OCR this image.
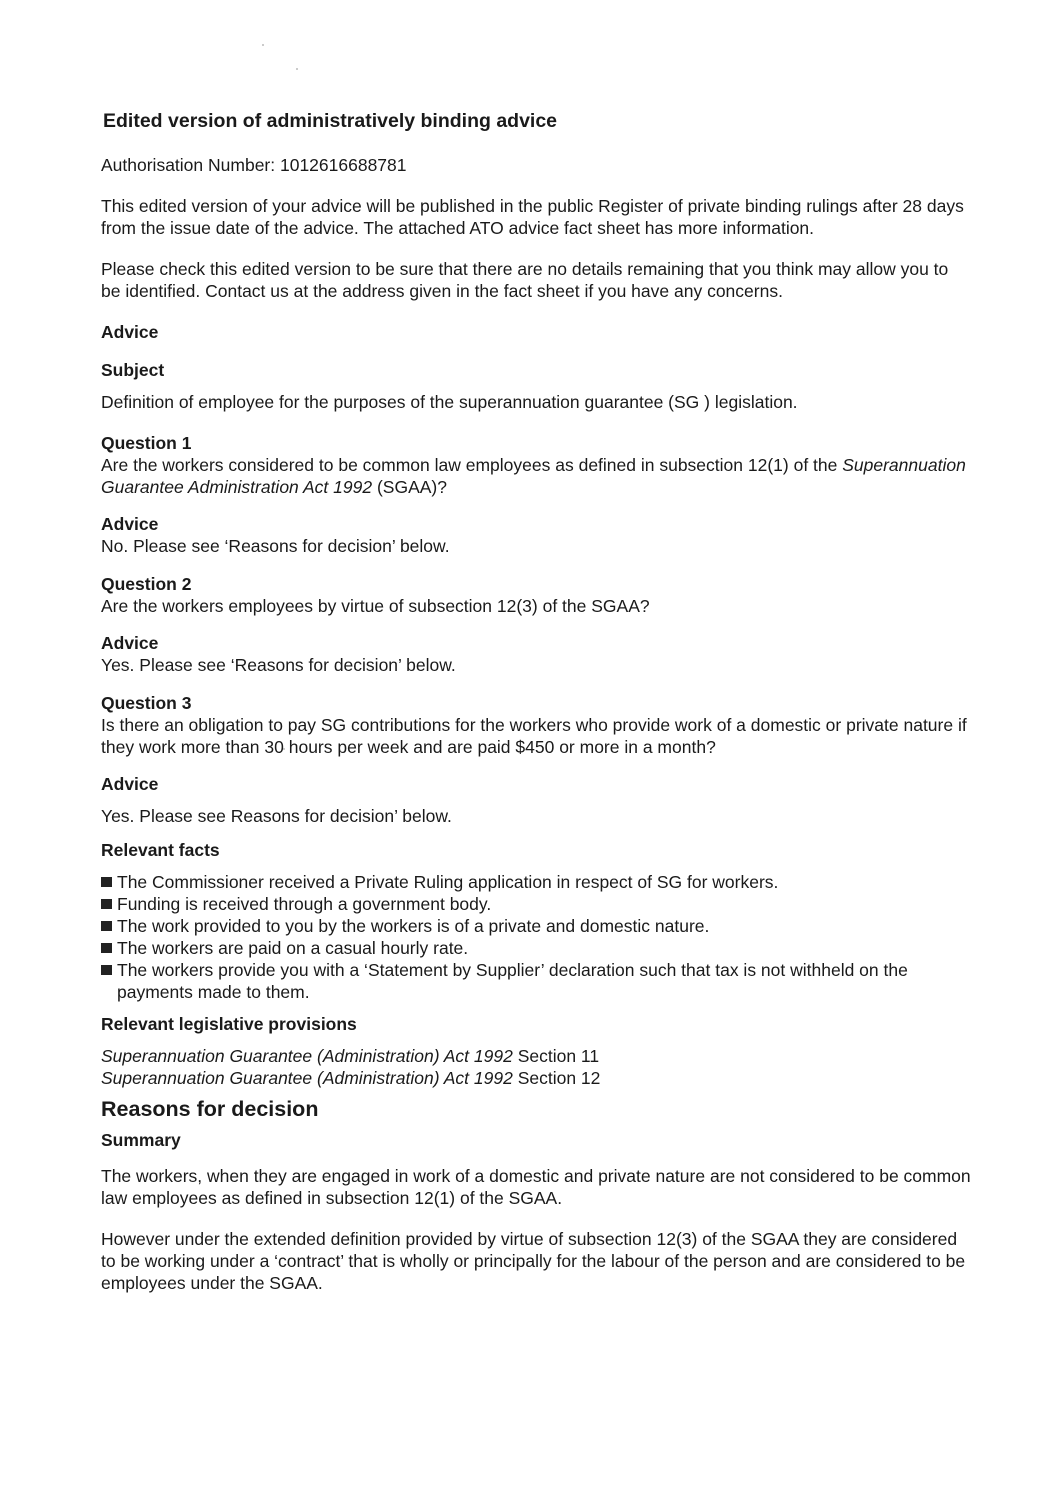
Edited version of administratively binding advice

Authorisation Number: 1012616688781

This edited version of your advice will be published in the public Register of private binding rulings after 28 days from the issue date of the advice. The attached ATO advice fact sheet has more information.

Please check this edited version to be sure that there are no details remaining that you think may allow you to be identified. Contact us at the address given in the fact sheet if you have any concerns.

Advice

Subject

Definition of employee for the purposes of the superannuation guarantee (SG ) legislation.

Question 1

Are the workers considered to be common law employees as defined in subsection 12(1) of the Superannuation Guarantee Administration Act 1992 (SGAA)?

Advice

No. Please see ‘Reasons for decision’ below.

Question 2

Are the workers employees by virtue of subsection 12(3) of the SGAA?

Advice

Yes. Please see ‘Reasons for decision’ below.

Question 3

Is there an obligation to pay SG contributions for the workers who provide work of a domestic or private nature if they work more than 30 hours per week and are paid $450 or more in a month?

Advice

Yes. Please see Reasons for decision’ below.

Relevant facts

The Commissioner received a Private Ruling application in respect of SG for workers.
Funding is received through a government body.
The work provided to you by the workers is of a private and domestic nature.
The workers are paid on a casual hourly rate.
The workers provide you with a ‘Statement by Supplier’ declaration such that tax is not withheld on the payments made to them.

Relevant legislative provisions

Superannuation Guarantee (Administration) Act 1992 Section 11

Superannuation Guarantee (Administration) Act 1992 Section 12

Reasons for decision

Summary

The workers, when they are engaged in work of a domestic and private nature are not considered to be common law employees as defined in subsection 12(1) of the SGAA.

However under the extended definition provided by virtue of subsection 12(3) of the SGAA they are considered to be working under a ‘contract’ that is wholly or principally for the labour of the person and are considered to be employees under the SGAA.
